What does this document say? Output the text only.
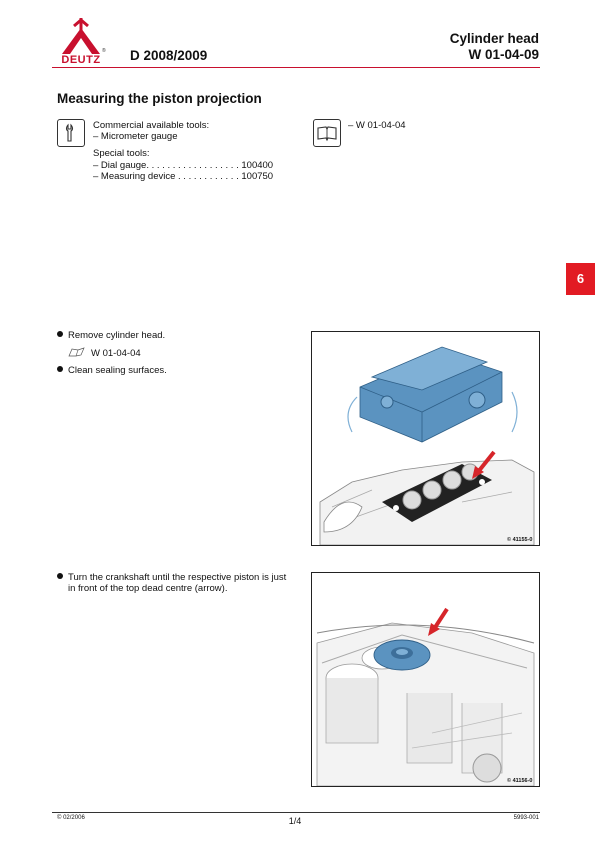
®
DEUTZ	D 2008/2009
Cylinder head
W 01-04-09
Measuring the piston projection
Commercial available tools:
– Micrometer gauge
Special tools:
– Dial gauge. . . . . . . . . . . . . . . . . . 100400
– Measuring device . . . . . . . . . . . . 100750
– W 01-04-04
6
Remove cylinder head.
W 01-04-04
Clean sealing surfaces.
© 41155-0
Turn the crankshaft until the respective piston is just
in front of the top dead centre (arrow).
© 41156-0
© 02/2006	1/4	5993-001
